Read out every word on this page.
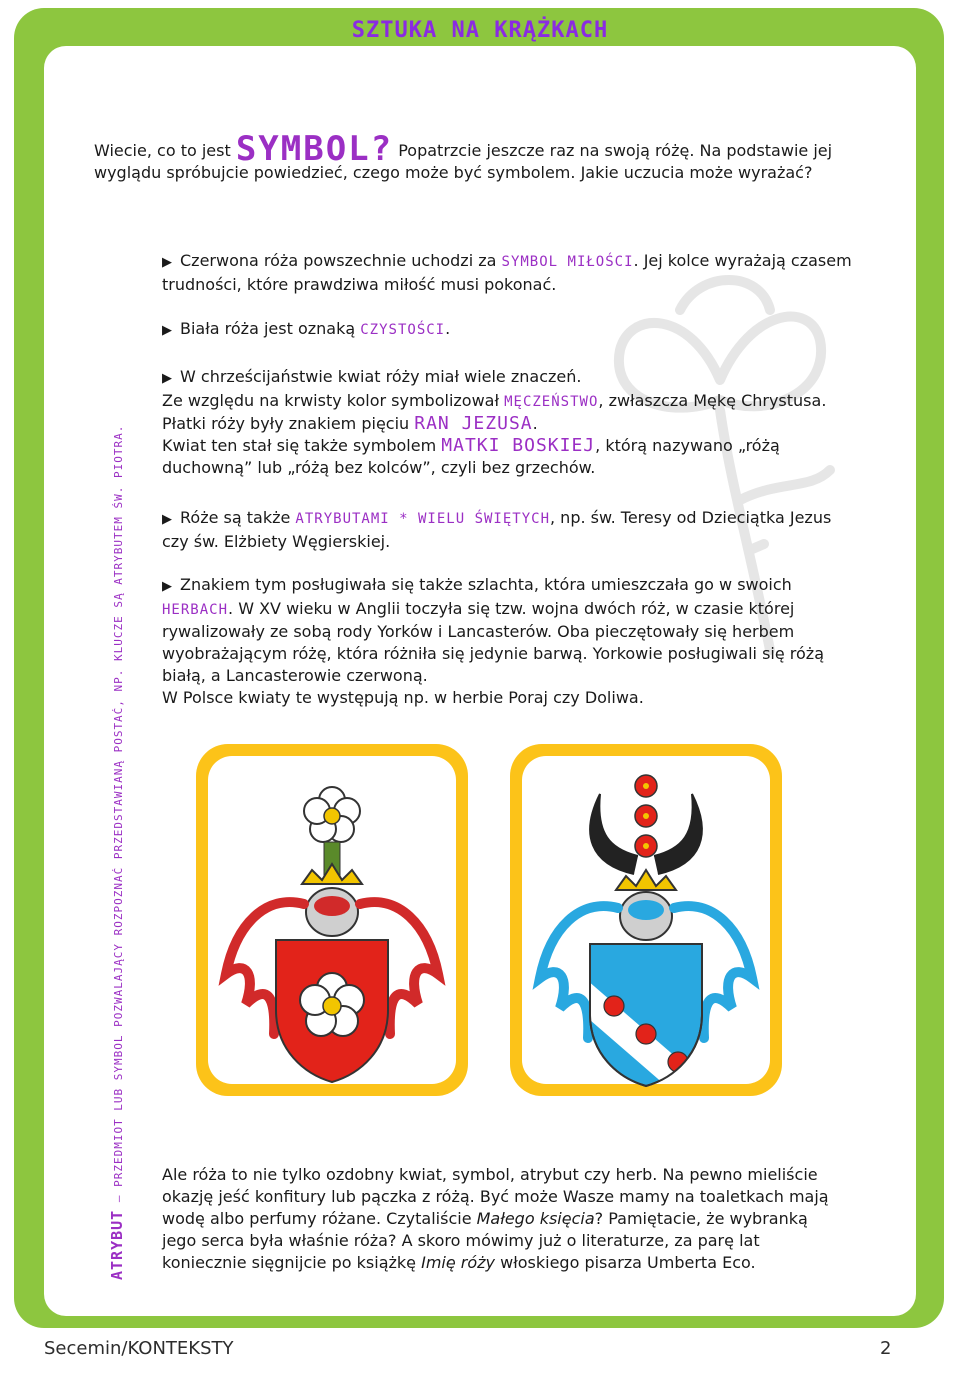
SZTUKA NA KRĄŻKACH
Wiecie, co to jest SYMBOL? Popatrzcie jeszcze raz na swoją różę. Na podstawie jej wyglądu spróbujcie powiedzieć, czego może być symbolem. Jakie uczucia może wyrażać?
▶ Czerwona róża powszechnie uchodzi za SYMBOL MIŁOŚCI. Jej kolce wyrażają czasem trudności, które prawdziwa miłość musi pokonać.
▶ Biała róża jest oznaką CZYSTOŚCI.
▶ W chrześcijaństwie kwiat róży miał wiele znaczeń.
Ze względu na krwisty kolor symbolizował MĘCZEŃSTWO, zwłaszcza Mękę Chrystusa.
Płatki róży były znakiem pięciu RAN JEZUSA.
Kwiat ten stał się także symbolem MATKI BOSKIEJ, którą nazywano „różą duchowną” lub „różą bez kolców”, czyli bez grzechów.
▶ Róże są także ATRYBUTAMI * WIELU ŚWIĘTYCH, np. św. Teresy od Dzieciątka Jezus czy św. Elżbiety Węgierskiej.
▶ Znakiem tym posługiwała się także szlachta, która umieszczała go w swoich HERBACH. W XV wieku w Anglii toczyła się tzw. wojna dwóch róż, w czasie której rywalizowały ze sobą rody Yorków i Lancasterów. Oba pieczętowały się herbem wyobrażającym różę, która różniła się jedynie barwą. Yorkowie posługiwali się różą białą, a Lancasterowie czerwoną.
W Polsce kwiaty te występują np. w herbie Poraj czy Doliwa.
Ale róża to nie tylko ozdobny kwiat, symbol, atrybut czy herb. Na pewno mieliście okazję jeść konfitury lub pączka z różą. Być może Wasze mamy na toaletkach mają wodę albo perfumy różane. Czytaliście Małego księcia? Pamiętacie, że wybranką jego serca była właśnie róża? A skoro mówimy już o literaturze, za parę lat koniecznie sięgnijcie po książkę Imię róży włoskiego pisarza Umberta Eco.
ATRYBUT – PRZEDMIOT LUB SYMBOL POZWALAJĄCY ROZPOZNAĆ PRZEDSTAWIANĄ POSTAĆ, NP. KLUCZE SĄ ATRYBUTEM ŚW. PIOTRA.
Secemin/KONTEKSTY	2
